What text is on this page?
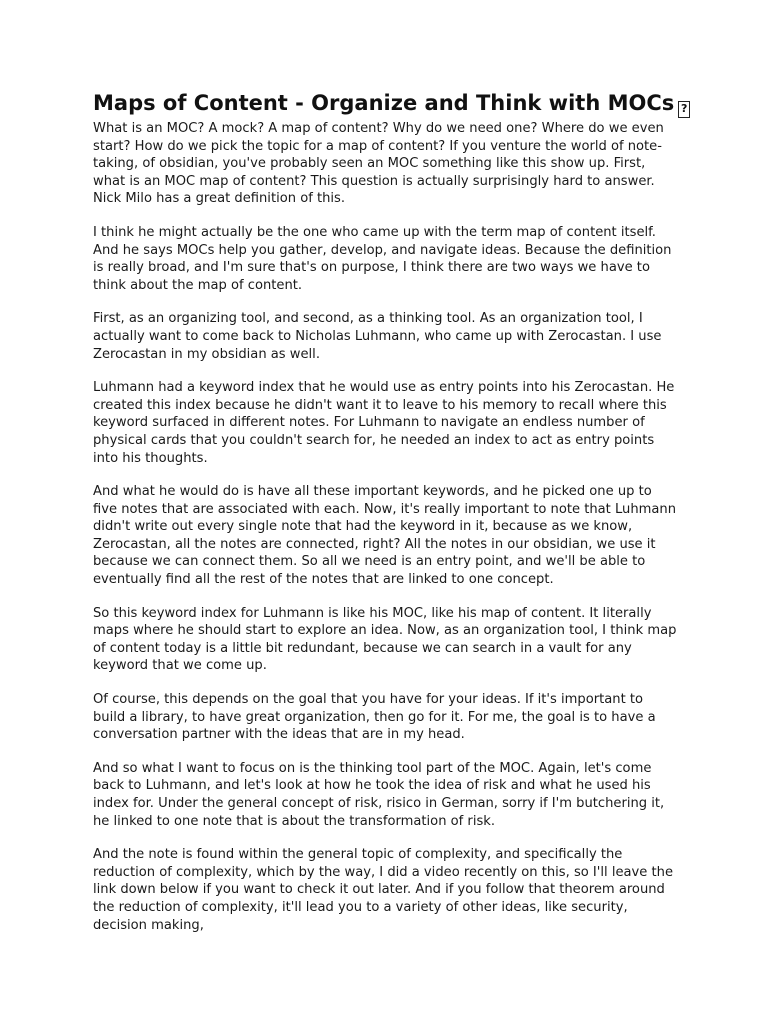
Maps of Content - Organize and Think with MOCs ?

What is an MOC? A mock? A map of content? Why do we need one? Where do we even start? How do we pick the topic for a map of content? If you venture the world of note-taking, of obsidian, you've probably seen an MOC something like this show up. First, what is an MOC map of content? This question is actually surprisingly hard to answer. Nick Milo has a great definition of this.

I think he might actually be the one who came up with the term map of content itself. And he says MOCs help you gather, develop, and navigate ideas. Because the definition is really broad, and I'm sure that's on purpose, I think there are two ways we have to think about the map of content.

First, as an organizing tool, and second, as a thinking tool. As an organization tool, I actually want to come back to Nicholas Luhmann, who came up with Zerocastan. I use Zerocastan in my obsidian as well.

Luhmann had a keyword index that he would use as entry points into his Zerocastan. He created this index because he didn't want it to leave to his memory to recall where this keyword surfaced in different notes. For Luhmann to navigate an endless number of physical cards that you couldn't search for, he needed an index to act as entry points into his thoughts.

And what he would do is have all these important keywords, and he picked one up to five notes that are associated with each. Now, it's really important to note that Luhmann didn't write out every single note that had the keyword in it, because as we know, Zerocastan, all the notes are connected, right? All the notes in our obsidian, we use it because we can connect them. So all we need is an entry point, and we'll be able to eventually find all the rest of the notes that are linked to one concept.

So this keyword index for Luhmann is like his MOC, like his map of content. It literally maps where he should start to explore an idea. Now, as an organization tool, I think map of content today is a little bit redundant, because we can search in a vault for any keyword that we come up.

Of course, this depends on the goal that you have for your ideas. If it's important to build a library, to have great organization, then go for it. For me, the goal is to have a conversation partner with the ideas that are in my head.

And so what I want to focus on is the thinking tool part of the MOC. Again, let's come back to Luhmann, and let's look at how he took the idea of risk and what he used his index for. Under the general concept of risk, risico in German, sorry if I'm butchering it, he linked to one note that is about the transformation of risk.

And the note is found within the general topic of complexity, and specifically the reduction of complexity, which by the way, I did a video recently on this, so I'll leave the link down below if you want to check it out later. And if you follow that theorem around the reduction of complexity, it'll lead you to a variety of other ideas, like security, decision making,
